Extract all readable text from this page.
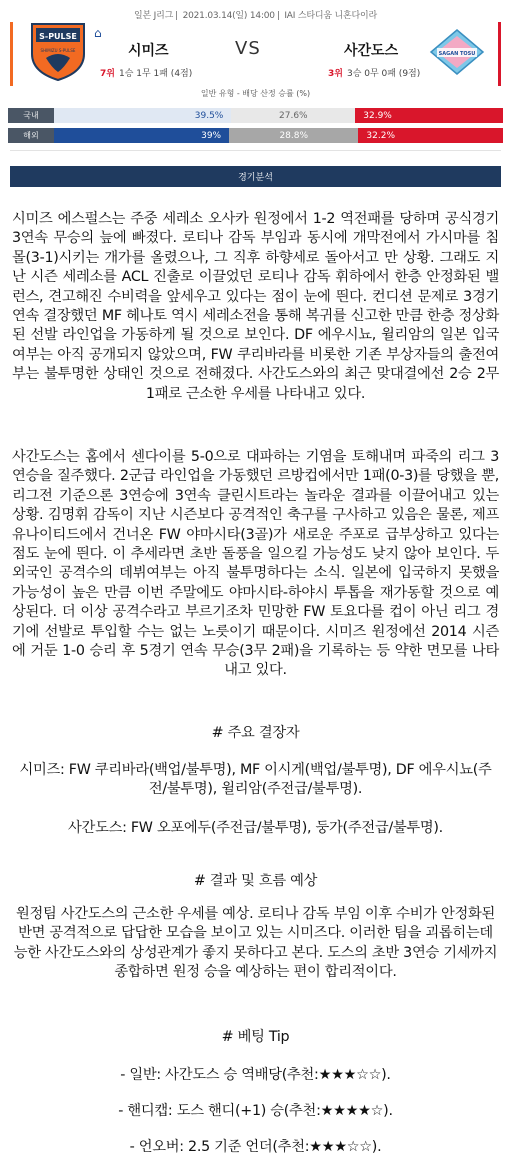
일본 J리그 | 2021.03.14(일) 14:00 | IAI 스타디움 니혼다이라
S-PULSE
SHIMIZU S-PULSE
⌂
시미즈	VS	사간도스
7위 1승 1무 1패 (4점)	3위 3승 0무 0패 (9점)
SAGAN TOSU
일반 유형 - 배당 산정 승률 (%)
국내	39.5%	27.6%	32.9%
해외	39%	28.8%	32.2%
경기분석

시미즈 에스펄스는 주중 세레소 오사카 원정에서 1-2 역전패를 당하며 공식경기 3연속 무승의 늪에 빠졌다. 로티나 감독 부임과 동시에 개막전에서 가시마를 침몰(3-1)시키는 개가를 올렸으나, 그 직후 하향세로 돌아서고 만 상황. 그래도 지난 시즌 세레소를 ACL 진출로 이끌었던 로티나 감독 휘하에서 한층 안정화된 밸런스, 견고해진 수비력을 앞세우고 있다는 점이 눈에 띈다. 컨디션 문제로 3경기 연속 결장했던 MF 헤나토 역시 세레소전을 통해 복귀를 신고한 만큼 한층 정상화된 선발 라인업을 가동하게 될 것으로 보인다. DF 에우시뇨, 윌리암의 일본 입국여부는 아직 공개되지 않았으며, FW 쿠리바라를 비롯한 기존 부상자들의 출전여부는 불투명한 상태인 것으로 전해졌다. 사간도스와의 최근 맞대결에선 2승 2무 1패로 근소한 우세를 나타내고 있다.

사간도스는 홈에서 센다이를 5-0으로 대파하는 기염을 토해내며 파죽의 리그 3연승을 질주했다. 2군급 라인업을 가동했던 르방컵에서만 1패(0-3)를 당했을 뿐, 리그전 기준으론 3연승에 3연속 클린시트라는 놀라운 결과를 이끌어내고 있는 상황. 김명휘 감독이 지난 시즌보다 공격적인 축구를 구사하고 있음은 물론, 제프 유나이티드에서 건너온 FW 야마시타(3골)가 새로운 주포로 급부상하고 있다는 점도 눈에 띈다. 이 추세라면 초반 돌풍을 일으킬 가능성도 낮지 않아 보인다. 두 외국인 공격수의 데뷔여부는 아직 불투명하다는 소식. 일본에 입국하지 못했을 가능성이 높은 만큼 이번 주말에도 야마시타-하야시 투톱을 재가동할 것으로 예상된다. 더 이상 공격수라고 부르기조차 민망한 FW 토요다를 컵이 아닌 리그 경기에 선발로 투입할 수는 없는 노릇이기 때문이다. 시미즈 원정에선 2014 시즌에 거둔 1-0 승리 후 5경기 연속 무승(3무 2패)을 기록하는 등 약한 면모를 나타내고 있다.

# 주요 결장자
시미즈: FW 쿠리바라(백업/불투명), MF 이시게(백업/불투명), DF 에우시뇨(주전/불투명), 윌리암(주전급/불투명).
사간도스: FW 오포에두(주전급/불투명), 둥가(주전급/불투명).
# 결과 및 흐름 예상
원정팀 사간도스의 근소한 우세를 예상. 로티나 감독 부임 이후 수비가 안정화된 반면 공격적으로 답답한 모습을 보이고 있는 시미즈다. 이러한 팀을 괴롭히는데 능한 사간도스와의 상성관계가 좋지 못하다고 본다. 도스의 초반 3연승 기세까지 종합하면 원정 승을 예상하는 편이 합리적이다.
# 베팅 Tip
- 일반: 사간도스 승 역배당(추천:★★★☆☆).
- 핸디캡: 도스 핸디(+1) 승(추천:★★★★☆).
- 언오버: 2.5 기준 언더(추천:★★★☆☆).
